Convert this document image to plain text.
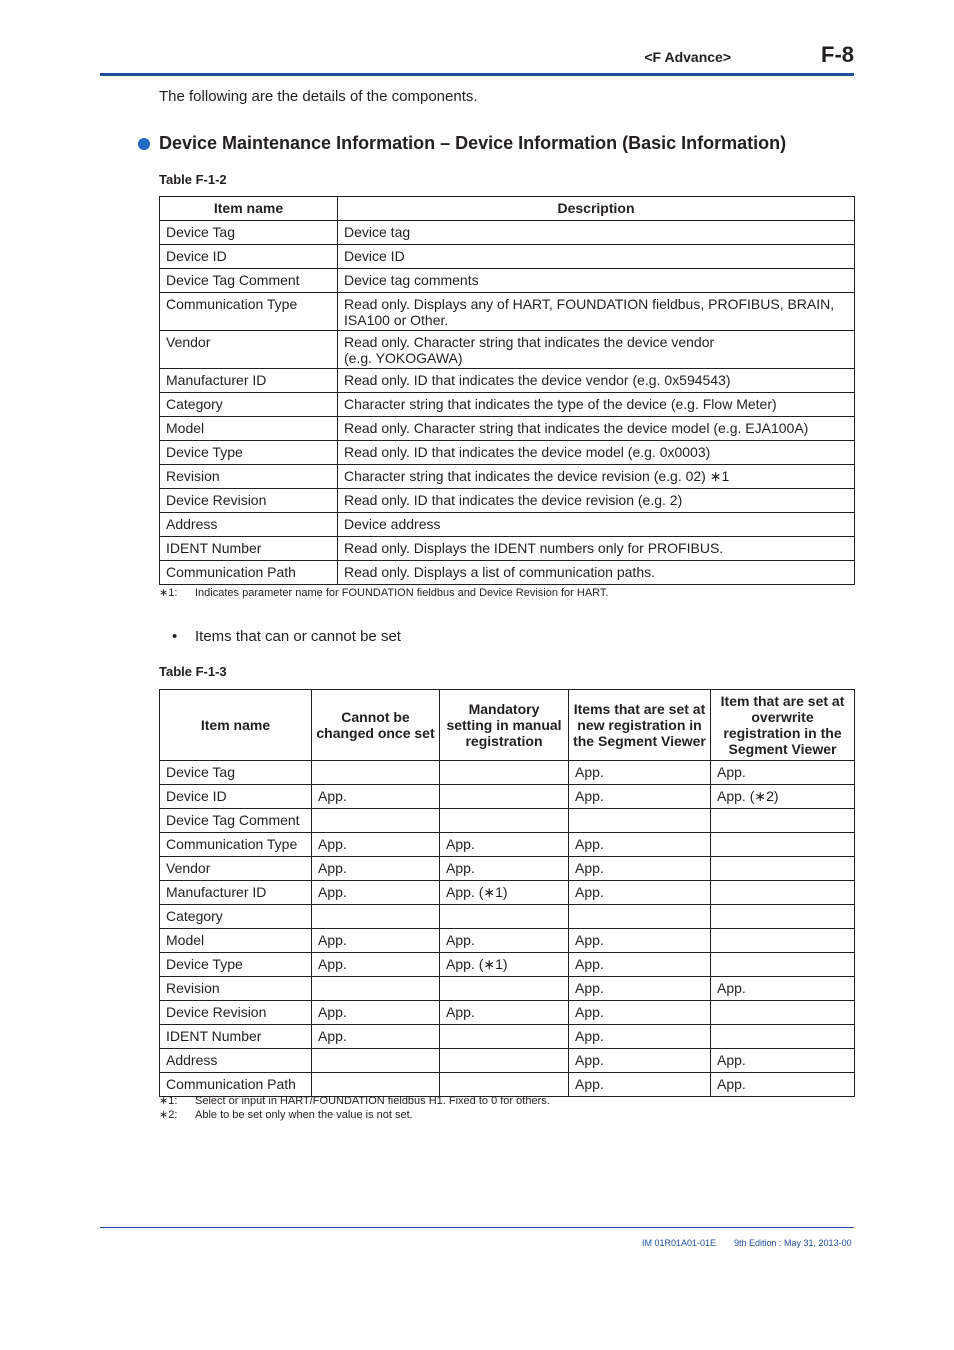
<F Advance>	F-8
The following are the details of the components.
Device Maintenance Information – Device Information (Basic Information)
Table F-1-2
Item name	Description
Device Tag	Device tag
Device ID	Device ID
Device Tag Comment	Device tag comments
Communication Type	Read only. Displays any of HART, FOUNDATION fieldbus, PROFIBUS, BRAIN, ISA100 or Other.
Vendor	Read only. Character string that indicates the device vendor
(e.g. YOKOGAWA)
Manufacturer ID	Read only. ID that indicates the device vendor (e.g. 0x594543)
Category	Character string that indicates the type of the device (e.g. Flow Meter)
Model	Read only. Character string that indicates the device model (e.g. EJA100A)
Device Type	Read only. ID that indicates the device model (e.g. 0x0003)
Revision	Character string that indicates the device revision (e.g. 02) ∗1
Device Revision	Read only. ID that indicates the device revision (e.g. 2)
Address	Device address
IDENT Number	Read only. Displays the IDENT numbers only for PROFIBUS.
Communication Path	Read only. Displays a list of communication paths.
∗1: Indicates parameter name for FOUNDATION fieldbus and Device Revision for HART.
• Items that can or cannot be set
Table F-1-3
Item name	Cannot be changed once set	Mandatory setting in manual registration	Items that are set at new registration in the Segment Viewer	Item that are set at overwrite registration in the Segment Viewer
Device Tag			App.	App.
Device ID	App.		App.	App. (∗2)
Device Tag Comment				
Communication Type	App.	App.	App.	
Vendor	App.	App.	App.	
Manufacturer ID	App.	App. (∗1)	App.	
Category				
Model	App.	App.	App.	
Device Type	App.	App. (∗1)	App.	
Revision			App.	App.
Device Revision	App.	App.	App.	
IDENT Number	App.		App.	
Address			App.	App.
Communication Path			App.	App.
∗1: Select or input in HART/FOUNDATION fieldbus H1. Fixed to 0 for others.
∗2: Able to be set only when the value is not set.
IM 01R01A01-01E 9th Edition : May 31, 2013-00
